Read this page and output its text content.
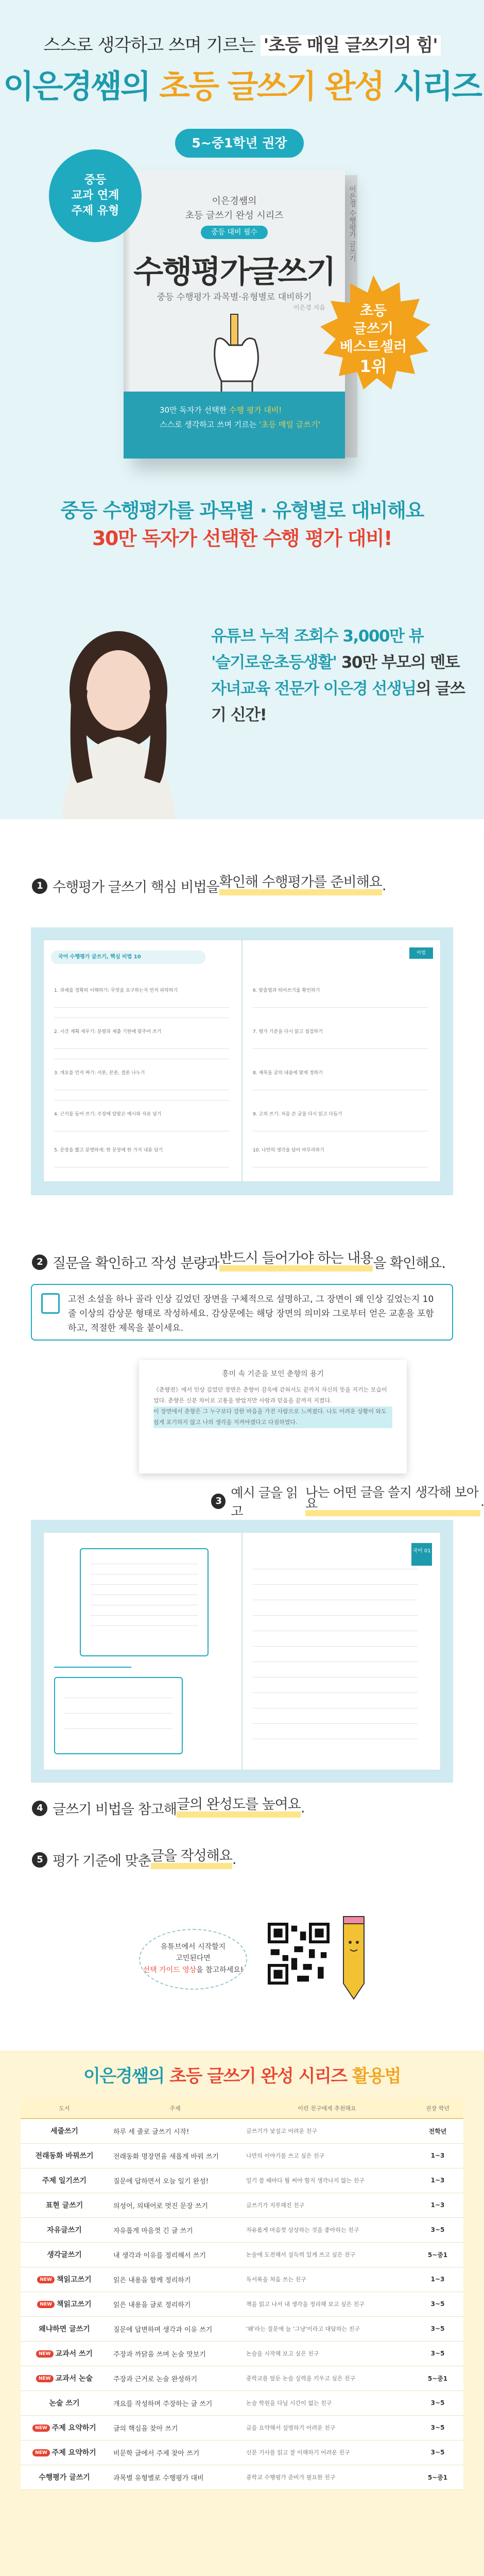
스스로 생각하고 쓰며 기르는 '초등 매일 글쓰기의 힘'
이은경쌤의 초등 글쓰기 완성 시리즈
5~중1학년 권장
이은경 수행평가 글쓰기
이은경쌤의
초등 글쓰기 완성 시리즈
중등 대비 필수
수행평가글쓰기
중등 수행평가 과목별·유형별로 대비하기
이은경 지음
30만 독자가 선택한 수행 평가 대비!
스스로 생각하고 쓰며 기르는 '초등 매일 글쓰기'
중등
교과 연계
주제 유형
초등
글쓰기
베스트셀러
1위
중등 수행평가를 과목별 · 유형별로 대비해요
30만 독자가 선택한 수행 평가 대비!
유튜브 누적 조회수 3,000만 뷰
'슬기로운초등생활' 30만 부모의 멘토
자녀교육 전문가 이은경 선생님의 글쓰기 신간!
1 수행평가 글쓰기 핵심 비법을 확인해 수행평가를 준비해요 .
국어 수행평가 글쓰기, 핵심 비법 10
1. 과제를 정확히 이해하기: 무엇을 요구하는지 먼저 파악하기
2. 시간 계획 세우기: 분량과 제출 기한에 맞추어 쓰기
3. 개요를 먼저 짜기: 서론, 본론, 결론 나누기
4. 근거를 들어 쓰기: 주장에 알맞은 예시와 자료 넣기
5. 문장을 짧고 분명하게: 한 문장에 한 가지 내용 담기
비법
6. 맞춤법과 띄어쓰기를 확인하기
7. 평가 기준을 다시 읽고 점검하기
8. 제목을 글의 내용에 맞게 정하기
9. 고쳐 쓰기: 처음 쓴 글을 다시 읽고 다듬기
10. 나만의 생각을 담아 마무리하기
2 질문을 확인하고 작성 분량과 반드시 들어가야 하는 내용 을 확인해요.
고전 소설을 하나 골라 인상 깊었던 장면을 구체적으로 설명하고, 그 장면이 왜 인상 깊었는지 10줄 이상의 감상문 형태로 작성하세요. 감상문에는 해당 장면의 의미와 그로부터 얻은 교훈을 포함하고, 적절한 제목을 붙이세요.
흥미 속 기준을 보인 춘향의 용기
《춘향전》에서 인상 깊었던 장면은 춘향이 감옥에 갇혀서도 끝까지 자신의 뜻을 지키는 모습이었다. 춘향은 신분 차이로 고통을 받았지만 사랑과 믿음을 끝까지 지켰다.
이 장면에서 춘향은 그 누구보다 강한 마음을 가진 사람으로 느껴졌다. 나도 어려운 상황이 와도 쉽게 포기하지 않고 나의 생각을 지켜야겠다고 다짐하였다.
3
예시 글을 읽고
나는 어떤 글을 쓸지 생각해 보아요	.
국어 01
4 글쓰기 비법을 참고해 글의 완성도를 높여요 .
5 평가 기준에 맞춘 글을 작성해요 .
유튜브에서 시작할지
고민된다면
선택 가이드 영상을 참고하세요!
이은경쌤의 초등 글쓰기 완성 시리즈 활용법
도서	주제	이런 친구에게 추천해요	권장 학년
세줄쓰기	하루 세 줄로 글쓰기 시작!	글쓰기가 낯설고 어려운 친구	전학년
전래동화 바꿔쓰기	전래동화 명장면을 새롭게 바꿔 쓰기	나만의 이야기를 쓰고 싶은 친구	1~3
주제 일기쓰기	질문에 답하면서 오늘 일기 완성!	일기 쓸 때마다 뭘 써야 할지 생각나지 않는 친구	1~3
표현 글쓰기	의성어, 의태어로 멋진 문장 쓰기	글쓰기가 지루해진 친구	1~3
자유글쓰기	자유롭게 마음껏 긴 글 쓰기	자유롭게 마음껏 상상하는 것을 좋아하는 친구	3~5
생각글쓰기	내 생각과 이유를 정리해서 쓰기	논술에 도전해서 설득력 있게 쓰고 싶은 친구	5~중1
NEW 책읽고쓰기	읽은 내용을 함께 정리하기	독서록을 처음 쓰는 친구	1~3
NEW 책읽고쓰기	읽은 내용을 글로 정리하기	책을 읽고 나서 내 생각을 정리해 보고 싶은 친구	3~5
왜냐하면 글쓰기	질문에 답변하며 생각과 이유 쓰기	'왜'라는 질문에 늘 '그냥'이라고 대답하는 친구	3~5
NEW 교과서 쓰기	주장과 까닭을 쓰며 논술 맛보기	논술을 시작해 보고 싶은 친구	3~5
NEW 교과서 논술	주장과 근거로 논술 완성하기	중학교를 앞둔 논술 실력을 키우고 싶은 친구	5~중1
논술 쓰기	개요를 작성하며 주장하는 글 쓰기	논술 학원을 다닐 시간이 없는 친구	3~5
NEW 주제 요약하기	글의 핵심을 찾아 쓰기	글을 요약해서 설명하기 어려운 친구	3~5
NEW 주제 요약하기	비문학 글에서 주제 찾아 쓰기	신문 기사를 읽고 잘 이해하기 어려운 친구	3~5
수행평가 글쓰기	과목별 유형별로 수행평가 대비	중학교 수행평가 준비가 필요한 친구	5~중1
